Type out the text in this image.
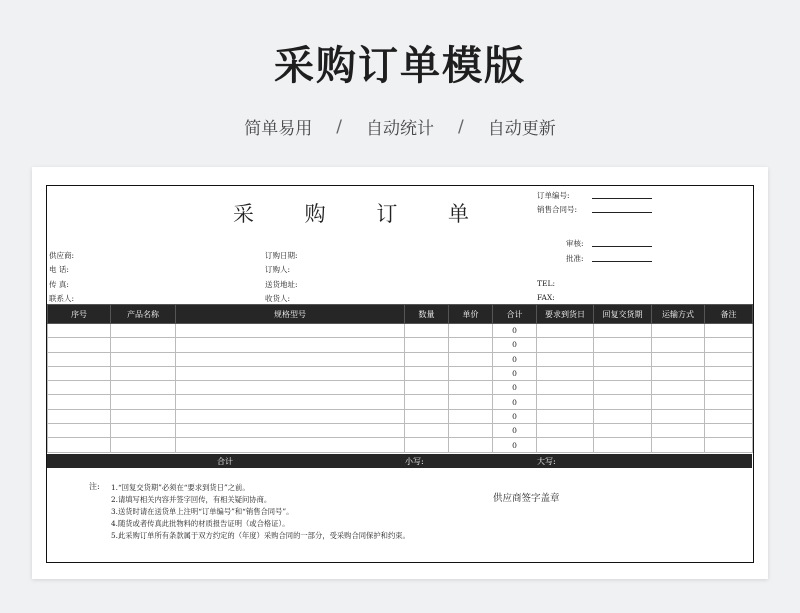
采购订单模版
简单易用 / 自动统计 / 自动更新
采 购 订 单
订单编号:
销售合同号:
审核:
批准:
供应商:
电 话:
传 真:
联系人:
订购日期:
订购人:
送货地址:
收货人:
TEL:
FAX:
序号	产品名称	规格型号	数量	单价	合计	要求到货日	回复交货期	运输方式	备注
					0				
					0				
					0				
					0				
					0				
					0				
					0				
					0				
					0				
合计	小写:	大写:
注: 1.“回复交货期”必须在“要求到货日”之前。
2.请填写相关内容并签字回传，有相关疑问协商。
3.送货时请在送货单上注明“订单编号”和“销售合同号”。
4.随货或者传真此批物料的材质报告证明（或合格证）。
5.此采购订单所有条款属于双方约定的（年度）采购合同的一部分，受采购合同保护和约束。
供应商签字盖章
